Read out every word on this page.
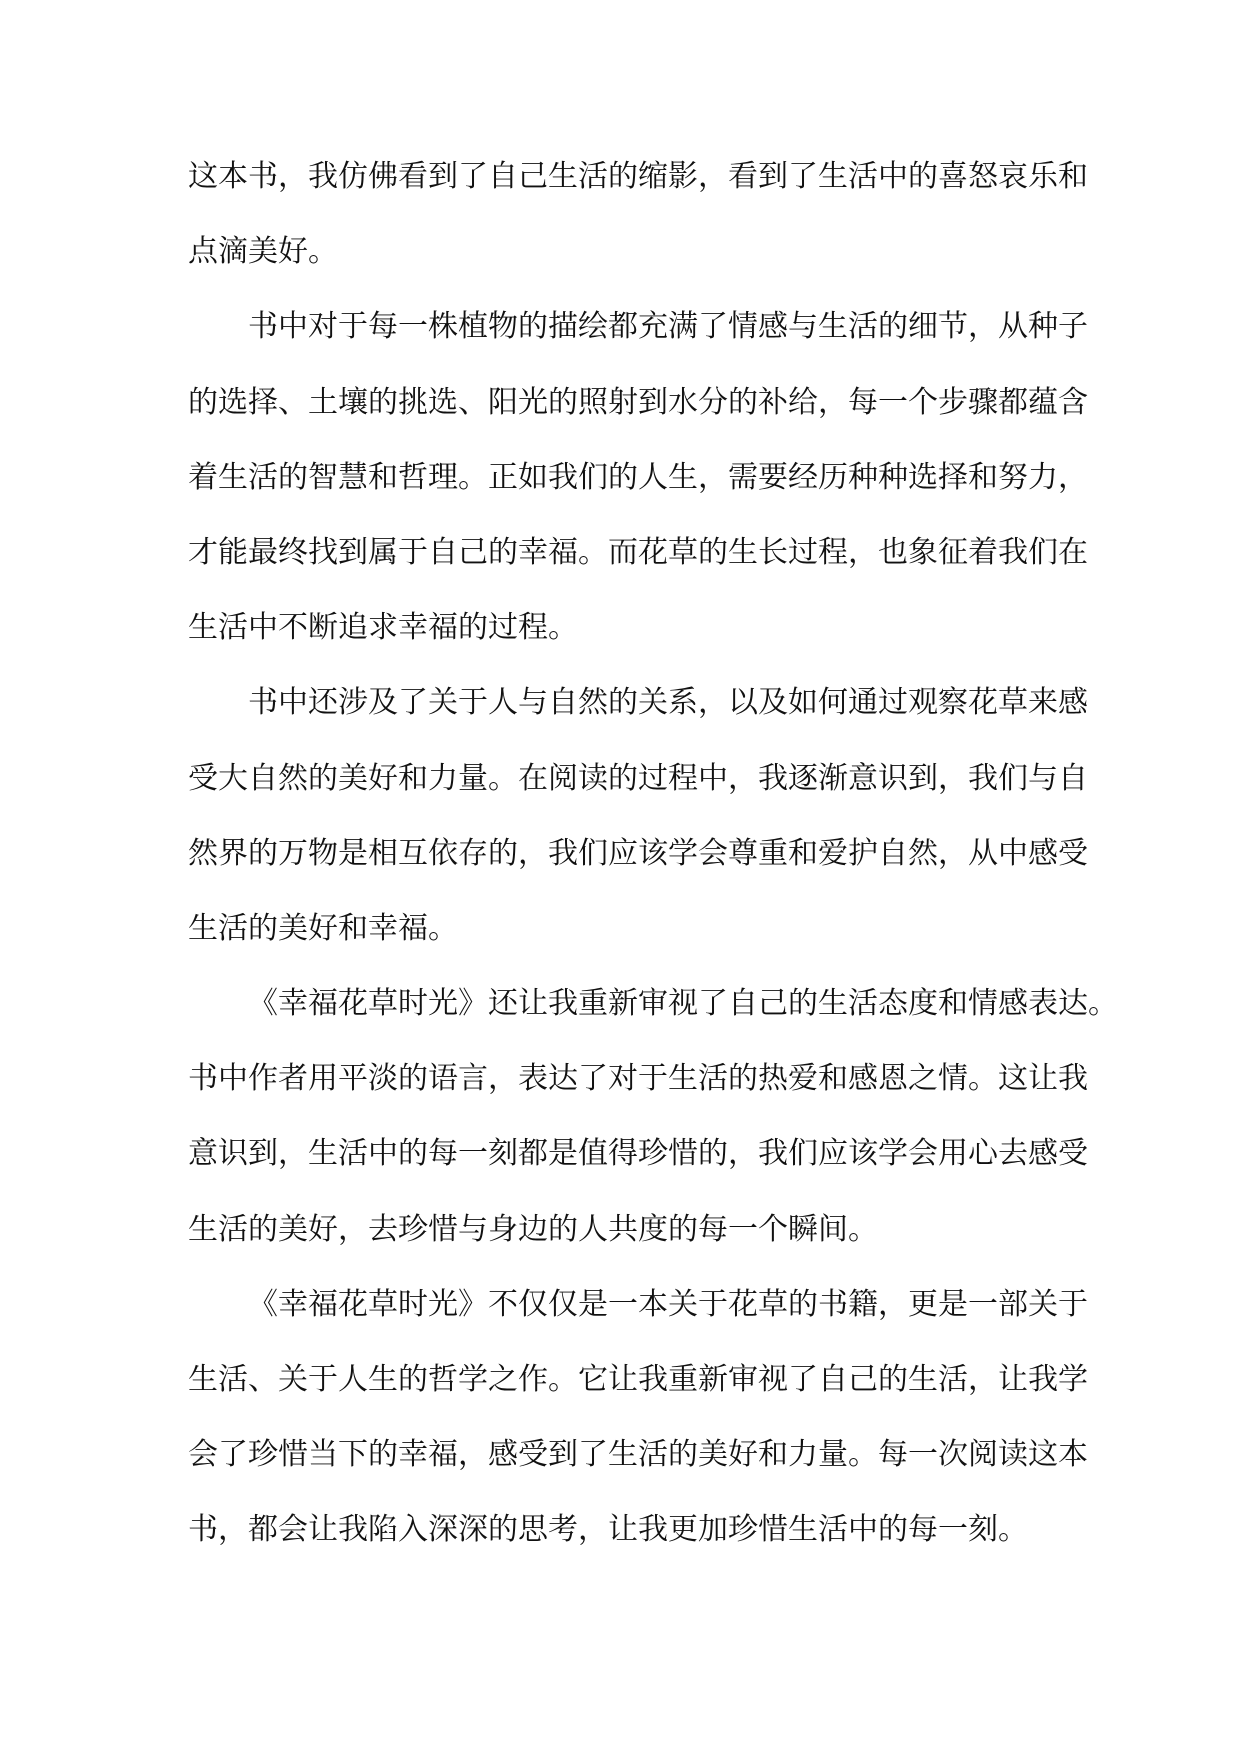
这本书，我仿佛看到了自己生活的缩影，看到了生活中的喜怒哀乐和
点滴美好。
书中对于每一株植物的描绘都充满了情感与生活的细节，从种子
的选择、土壤的挑选、阳光的照射到水分的补给，每一个步骤都蕴含
着生活的智慧和哲理。正如我们的人生，需要经历种种选择和努力，
才能最终找到属于自己的幸福。而花草的生长过程，也象征着我们在
生活中不断追求幸福的过程。
书中还涉及了关于人与自然的关系，以及如何通过观察花草来感
受大自然的美好和力量。在阅读的过程中，我逐渐意识到，我们与自
然界的万物是相互依存的，我们应该学会尊重和爱护自然，从中感受
生活的美好和幸福。
《幸福花草时光》还让我重新审视了自己的生活态度和情感表达。
书中作者用平淡的语言，表达了对于生活的热爱和感恩之情。这让我
意识到，生活中的每一刻都是值得珍惜的，我们应该学会用心去感受
生活的美好，去珍惜与身边的人共度的每一个瞬间。
《幸福花草时光》不仅仅是一本关于花草的书籍，更是一部关于
生活、关于人生的哲学之作。它让我重新审视了自己的生活，让我学
会了珍惜当下的幸福，感受到了生活的美好和力量。每一次阅读这本
书，都会让我陷入深深的思考，让我更加珍惜生活中的每一刻。
